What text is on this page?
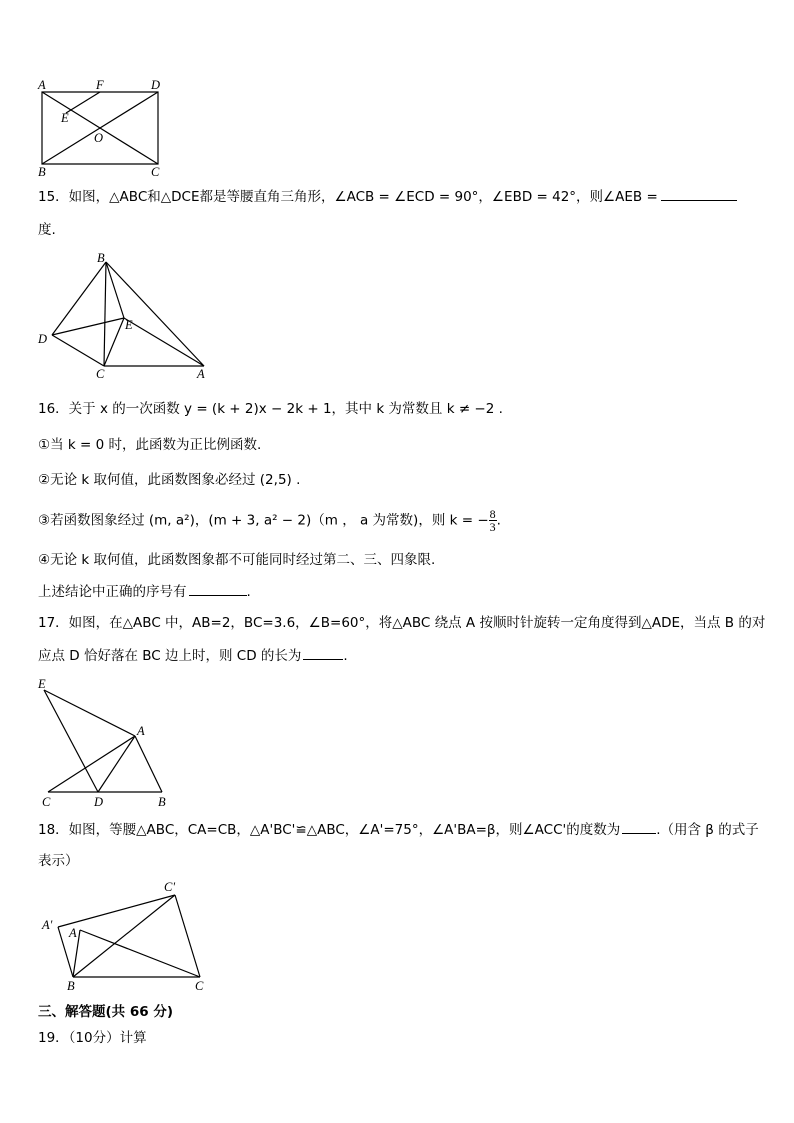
A	F	D
E
O
B	C
15．如图，△ABC和△DCE都是等腰直角三角形，∠ACB = ∠ECD = 90°，∠EBD = 42°，则∠AEB =
度.
B
D
E
C	A
16．关于 x 的一次函数 y = (k + 2)x − 2k + 1，其中 k 为常数且 k ≠ −2 .
①当 k = 0 时，此函数为正比例函数.
②无论 k 取何值，此函数图象必经过 (2,5) .
③若函数图象经过 (m, a²)，(m + 3, a² − 2)（m ， a 为常数)，则 k = − $\frac{8}{3}$ .
④无论 k 取何值，此函数图象都不可能同时经过第二、三、四象限.
上述结论中正确的序号有	.
17．如图，在△ABC 中，AB=2，BC=3.6，∠B=60°，将△ABC 绕点 A 按顺时针旋转一定角度得到△ADE，当点 B 的对
应点 D 恰好落在 BC 边上时，则 CD 的长为	.
E
A
C	D	B
18．如图，等腰△ABC，CA=CB，△A'BC'≌△ABC，∠A'=75°，∠A'BA=β，则∠ACC'的度数为	.（用含 β 的式子
表示）
C'
A'
A
B	C
三、解答题(共 66 分)
19．（10分）计算
